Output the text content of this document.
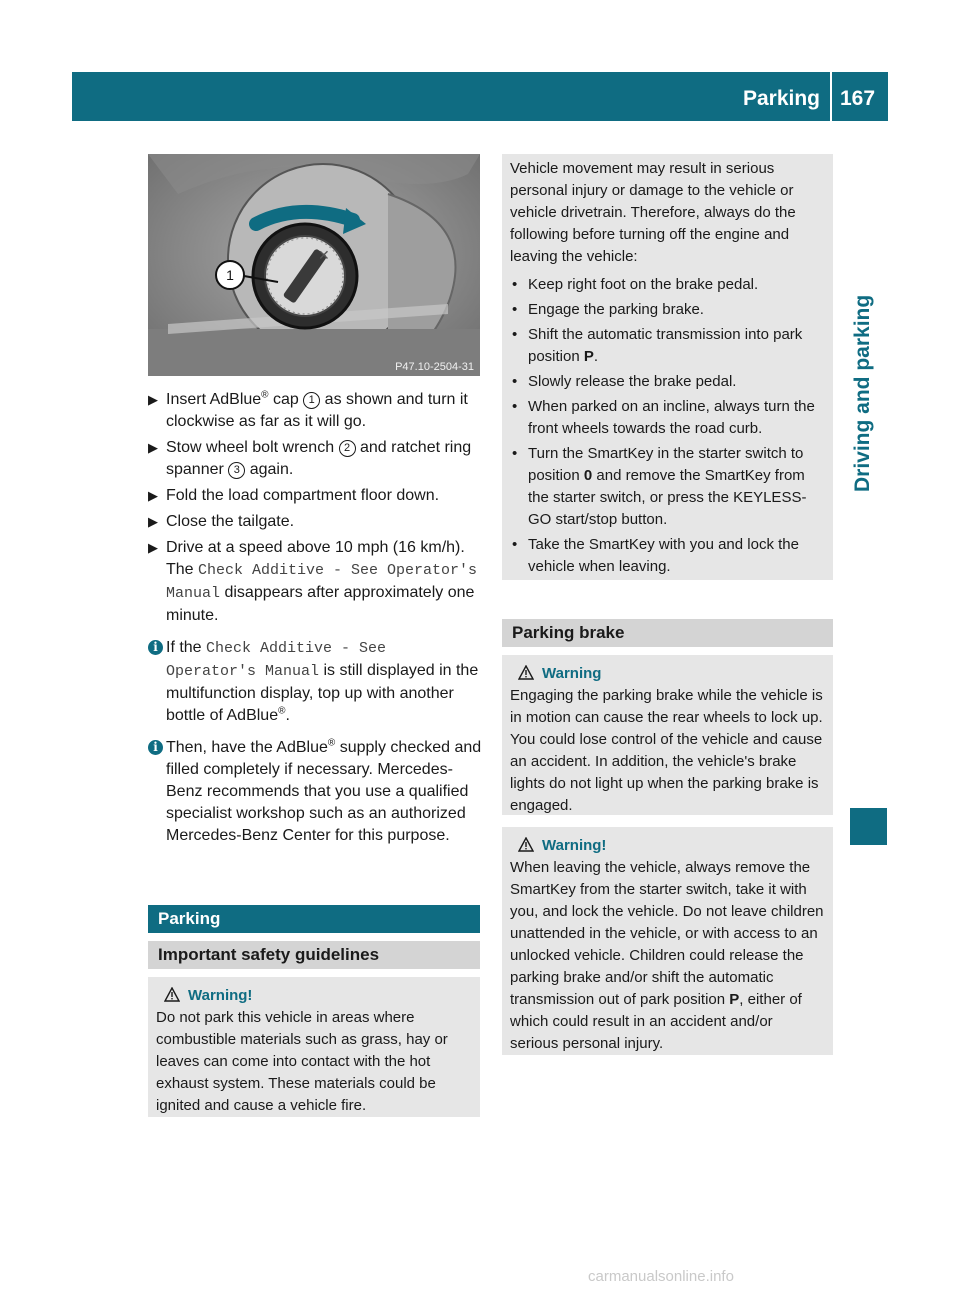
Parking 167
Driving and parking
✕
1
P47.10-2504-31
▶ Insert AdBlue® cap 1 as shown and turn it clockwise as far as it will go.
▶ Stow wheel bolt wrench 2 and ratchet ring spanner 3 again.
▶ Fold the load compartment floor down.
▶ Close the tailgate.
▶ Drive at a speed above 10 mph (16 km/h). The Check Additive - See Operator's Manual disappears after approximately one minute.
i If the Check Additive - See Operator's Manual is still displayed in the multifunction display, top up with another bottle of AdBlue®.
i Then, have the AdBlue® supply checked and filled completely if necessary. Mercedes-Benz recommends that you use a qualified specialist workshop such as an authorized Mercedes-Benz Center for this purpose.
Parking
Important safety guidelines
Warning!
Do not park this vehicle in areas where combustible materials such as grass, hay or leaves can come into contact with the hot exhaust system. These materials could be ignited and cause a vehicle fire.
Vehicle movement may result in serious personal injury or damage to the vehicle or vehicle drivetrain. Therefore, always do the following before turning off the engine and leaving the vehicle:
• Keep right foot on the brake pedal.
• Engage the parking brake.
• Shift the automatic transmission into park position P.
• Slowly release the brake pedal.
• When parked on an incline, always turn the front wheels towards the road curb.
• Turn the SmartKey in the starter switch to position 0 and remove the SmartKey from the starter switch, or press the KEYLESS-GO start/stop button.
• Take the SmartKey with you and lock the vehicle when leaving.
Parking brake
Warning
Engaging the parking brake while the vehicle is in motion can cause the rear wheels to lock up. You could lose control of the vehicle and cause an accident. In addition, the vehicle's brake lights do not light up when the parking brake is engaged.
Warning!
When leaving the vehicle, always remove the SmartKey from the starter switch, take it with you, and lock the vehicle. Do not leave children unattended in the vehicle, or with access to an unlocked vehicle. Children could release the parking brake and/or shift the automatic transmission out of park position P, either of which could result in an accident and/or serious personal injury.
carmanualsonline.info
